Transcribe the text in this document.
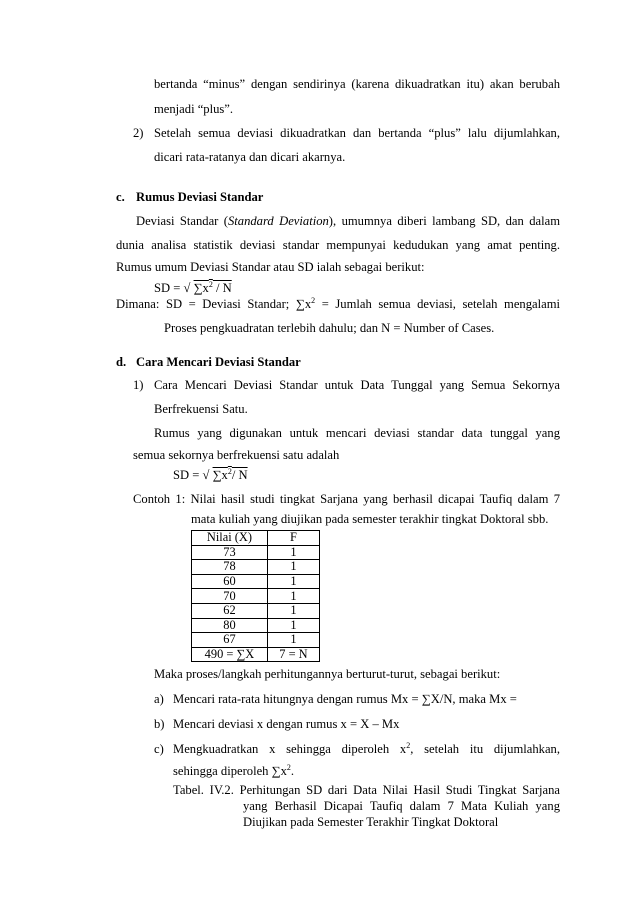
bertanda “minus” dengan sendirinya (karena dikuadratkan itu) akan berubah
menjadi “plus”.
2) Setelah semua deviasi dikuadratkan dan bertanda “plus” lalu dijumlahkan,
dicari rata-ratanya dan dicari akarnya.
c. Rumus Deviasi Standar
Deviasi Standar (Standard Deviation), umumnya diberi lambang SD, dan dalam
dunia analisa statistik deviasi standar mempunyai kedudukan yang amat penting.
Rumus umum Deviasi Standar atau SD ialah sebagai berikut:
SD = √ $\sum x^2$ / N
Dimana: SD = Deviasi Standar; $\sum x^2$ = Jumlah semua deviasi, setelah mengalami
Proses pengkuadratan terlebih dahulu; dan N = Number of Cases.
d. Cara Mencari Deviasi Standar
1) Cara Mencari Deviasi Standar untuk Data Tunggal yang Semua Sekornya
Berfrekuensi Satu.
Rumus yang digunakan untuk mencari deviasi standar data tunggal yang
semua sekornya berfrekuensi satu adalah
SD = √ $\sum x^2/$ N
Contoh 1: Nilai hasil studi tingkat Sarjana yang berhasil dicapai Taufiq dalam 7
mata kuliah yang diujikan pada semester terakhir tingkat Doktoral sbb.
Nilai (X)	F
73	1
78	1
60	1
70	1
62	1
80	1
67	1
490 = ∑X	7 = N
Maka proses/langkah perhitungannya berturut-turut, sebagai berikut:
a) Mencari rata-rata hitungnya dengan rumus Mx = ∑X/N, maka Mx =
b) Mencari deviasi x dengan rumus x = X – Mx
c) Mengkuadratkan x sehingga diperoleh $x^2$, setelah itu dijumlahkan,
sehingga diperoleh $\sum x^2$.
Tabel. IV.2. Perhitungan SD dari Data Nilai Hasil Studi Tingkat Sarjana
yang Berhasil Dicapai Taufiq dalam 7 Mata Kuliah yang
Diujikan pada Semester Terakhir Tingkat Doktoral
